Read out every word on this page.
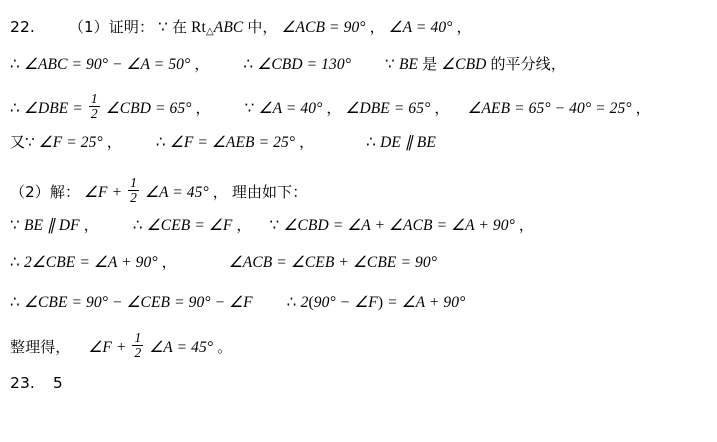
22. （1）证明： ∵ 在 Rt△ABC 中， ∠ACB = 90° ， ∠A = 40° ，
∴ ∠ABC = 90° − ∠A = 50° ， ∴ ∠CBD = 130° ∵ BE 是 ∠CBD 的平分线，
∴ ∠DBE = $\frac{1}{2}$ ∠CBD = 65° ， ∵ ∠A = 40° ， ∠DBE = 65° ， ∠AEB = 65° − 40° = 25° ，
又∵ ∠F = 25° ， ∴ ∠F = ∠AEB = 25° ，	∴ DE ∥ BE
（2）解： ∠F + $\frac{1}{2}$ ∠A = 45° ， 理由如下：
∵ BE ∥ DF ， ∴ ∠CEB = ∠F ， ∵ ∠CBD = ∠A + ∠ACB = ∠A + 90° ，
∴ 2∠CBE = ∠A + 90° ，	∠ACB = ∠CEB + ∠CBE = 90°
∴ ∠CBE = 90° − ∠CEB = 90° − ∠F ∴ 2(90° − ∠F) = ∠A + 90°
整理得， ∠F + $\frac{1}{2}$ ∠A = 45° 。
23. 5
